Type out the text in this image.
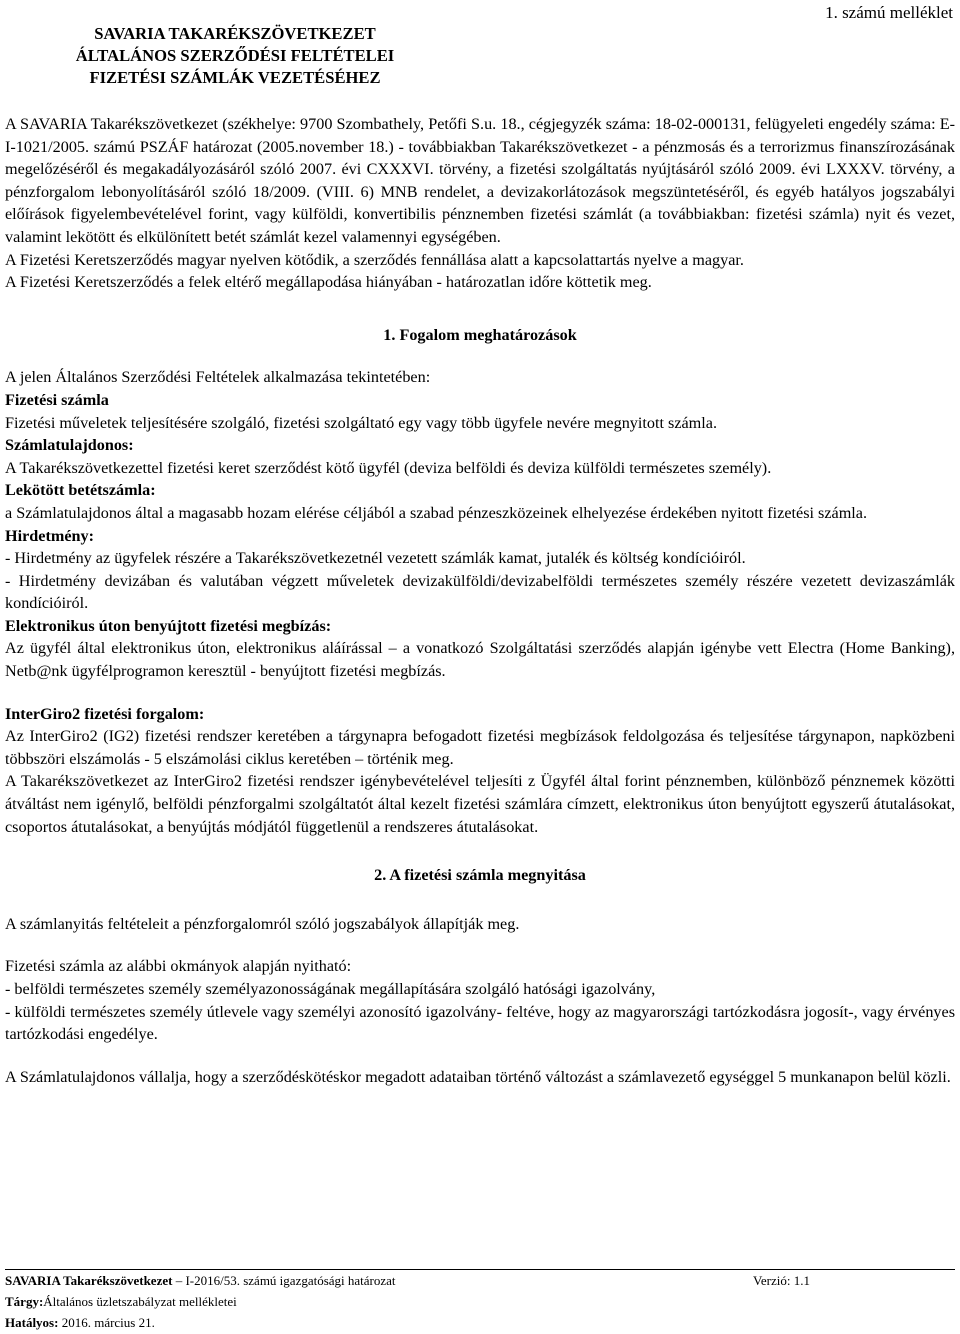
1. számú melléklet
SAVARIA TAKARÉKSZÖVETKEZET
ÁLTALÁNOS SZERZŐDÉSI FELTÉTELEI
FIZETÉSI SZÁMLÁK VEZETÉSÉHEZ

A SAVARIA Takarékszövetkezet (székhelye: 9700 Szombathely, Petőfi S.u. 18., cégjegyzék száma: 18-02-000131, felügyeleti engedély száma: E-I-1021/2005. számú PSZÁF határozat (2005.november 18.) - továbbiakban Takarékszövetkezet - a pénzmosás és a terrorizmus finanszírozásának megelőzéséről és megakadályozásáról szóló 2007. évi CXXXVI. törvény, a fizetési szolgáltatás nyújtásáról szóló 2009. évi LXXXV. törvény, a pénzforgalom lebonyolításáról szóló 18/2009. (VIII. 6) MNB rendelet, a devizakorlátozások megszüntetéséről, és egyéb hatályos jogszabályi előírások figyelembevételével forint, vagy külföldi, konvertibilis pénznemben fizetési számlát (a továbbiakban: fizetési számla) nyit és vezet, valamint lekötött és elkülönített betét számlát kezel valamennyi egységében.

A Fizetési Keretszerződés magyar nyelven kötődik, a szerződés fennállása alatt a kapcsolattartás nyelve a magyar.

A Fizetési Keretszerződés a felek eltérő megállapodása hiányában - határozatlan időre köttetik meg.

1. Fogalom meghatározások

A jelen Általános Szerződési Feltételek alkalmazása tekintetében:

Fizetési számla

Fizetési műveletek teljesítésére szolgáló, fizetési szolgáltató egy vagy több ügyfele nevére megnyitott számla.

Számlatulajdonos:

A Takarékszövetkezettel fizetési keret szerződést kötő ügyfél (deviza belföldi és deviza külföldi természetes személy).

Lekötött betétszámla:

a Számlatulajdonos által a magasabb hozam elérése céljából a szabad pénzeszközeinek elhelyezése érdekében nyitott fizetési számla.

Hirdetmény:

- Hirdetmény az ügyfelek részére a Takarékszövetkezetnél vezetett számlák kamat, jutalék és költség kondícióiról.

- Hirdetmény devizában és valutában végzett műveletek devizakülföldi/devizabelföldi természetes személy részére vezetett devizaszámlák kondícióiról.

Elektronikus úton benyújtott fizetési megbízás:

Az ügyfél által elektronikus úton, elektronikus aláírással – a vonatkozó Szolgáltatási szerződés alapján igénybe vett Electra (Home Banking), Netb@nk ügyfélprogramon keresztül - benyújtott fizetési megbízás.

InterGiro2 fizetési forgalom:

Az InterGiro2 (IG2) fizetési rendszer keretében a tárgynapra befogadott fizetési megbízások feldolgozása és teljesítése tárgynapon, napközbeni többszöri elszámolás - 5 elszámolási ciklus keretében – történik meg.

A Takarékszövetkezet az InterGiro2 fizetési rendszer igénybevételével teljesíti z Ügyfél által forint pénznemben, különböző pénznemek közötti átváltást nem igénylő, belföldi pénzforgalmi szolgáltatót által kezelt fizetési számlára címzett, elektronikus úton benyújtott egyszerű átutalásokat, csoportos átutalásokat, a benyújtás módjától függetlenül a rendszeres átutalásokat.

2. A fizetési számla megnyitása

A számlanyitás feltételeit a pénzforgalomról szóló jogszabályok állapítják meg.

Fizetési számla az alábbi okmányok alapján nyitható:

- belföldi természetes személy személyazonosságának megállapítására szolgáló hatósági igazolvány,

- külföldi természetes személy útlevele vagy személyi azonosító igazolvány- feltéve, hogy az magyarországi tartózkodásra jogosít-, vagy érvényes tartózkodási engedélye.

A Számlatulajdonos vállalja, hogy a szerződéskötéskor megadott adataiban történő változást a számlavezető egységgel 5 munkanapon belül közli.

SAVARIA Takarékszövetkezet – I-2016/53. számú igazgatósági határozat	Verzió: 1.1
Tárgy:Általános üzletszabályzat mellékletei
Hatályos: 2016. március 21.
